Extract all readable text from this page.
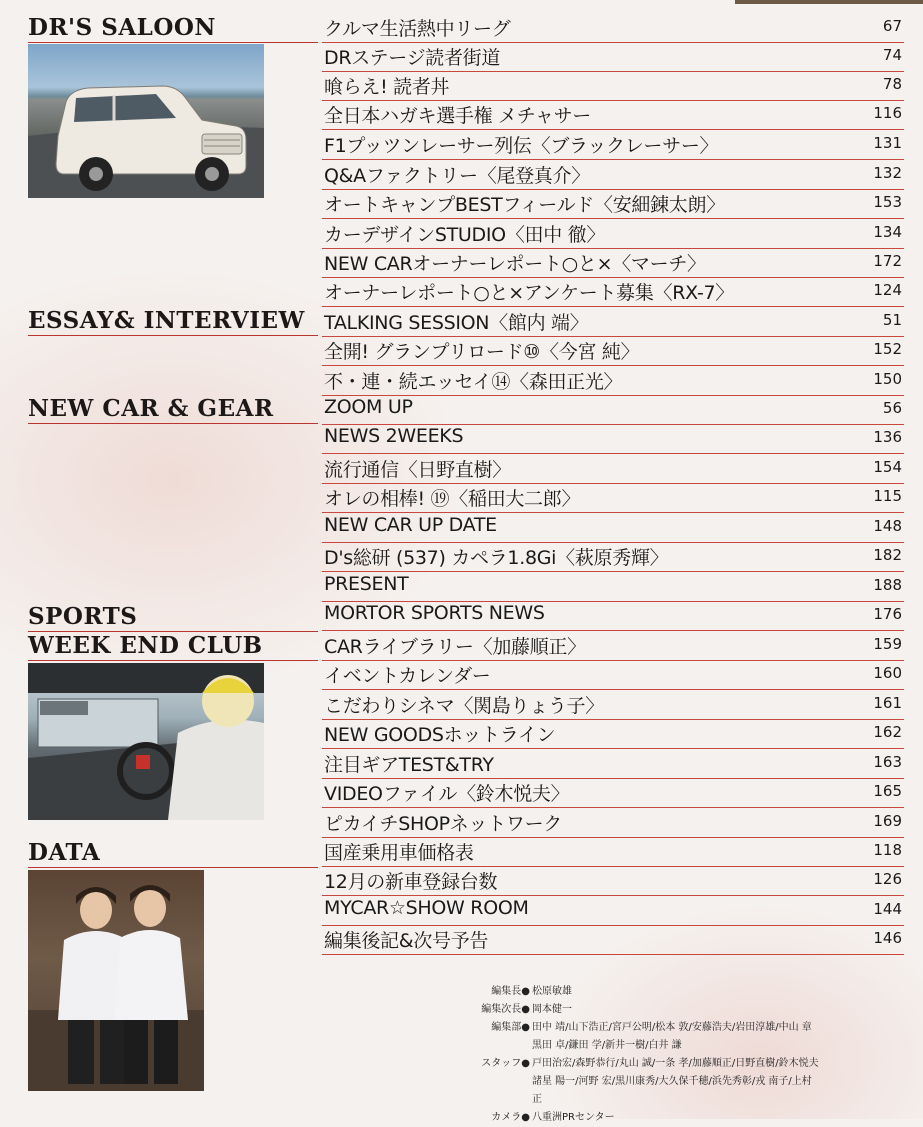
DR'S SALOON
ESSAY& INTERVIEW
NEW CAR & GEAR
SPORTS
WEEK END CLUB
DATA
クルマ生活熱中リーグ	67
DRステージ読者街道	74
喰らえ! 読者丼	78
全日本ハガキ選手権 メチャサー	116
F1プッツンレーサー列伝〈ブラックレーサー〉	131
Q&Aファクトリー〈尾登真介〉	132
オートキャンプBESTフィールド〈安細錬太朗〉	153
カーデザインSTUDIO〈田中 徹〉	134
NEW CARオーナーレポート○と×〈マーチ〉	172
オーナーレポート○と×アンケート募集〈RX-7〉	124
TALKING SESSION〈館内 端〉	51
全開! グランプリロード⑩〈今宮 純〉	152
不・連・続エッセイ⑭〈森田正光〉	150
ZOOM UP	56
NEWS 2WEEKS	136
流行通信〈日野直樹〉	154
オレの相棒! ⑲〈稲田大二郎〉	115
NEW CAR UP DATE	148
D's総研 (537) カペラ1.8Gi〈萩原秀輝〉	182
PRESENT	188
MORTOR SPORTS NEWS	176
CARライブラリー〈加藤順正〉	159
イベントカレンダー	160
こだわりシネマ〈関島りょう子〉	161
NEW GOODSホットライン	162
注目ギアTEST&TRY	163
VIDEOファイル〈鈴木悦夫〉	165
ピカイチSHOPネットワーク	169
国産乗用車価格表	118
12月の新車登録台数	126
MYCAR☆SHOW ROOM	144
編集後記&次号予告	146
編集長● 松原敏雄
編集次長● 岡本健一
編集部● 田中 靖/山下浩正/宮戸公明/松本 敦/安藤浩夫/岩田淳雄/中山 章
黒田 卓/鎌田 学/新井一樹/白井 謙
スタッフ● 戸田治宏/森野恭行/丸山 誠/一条 孝/加藤順正/日野直樹/鈴木悦夫
諸星 陽一/河野 宏/黒川康秀/大久保千穂/浜先秀彰/戎 南子/上村
正
カメラ● 八重洲PRセンター
